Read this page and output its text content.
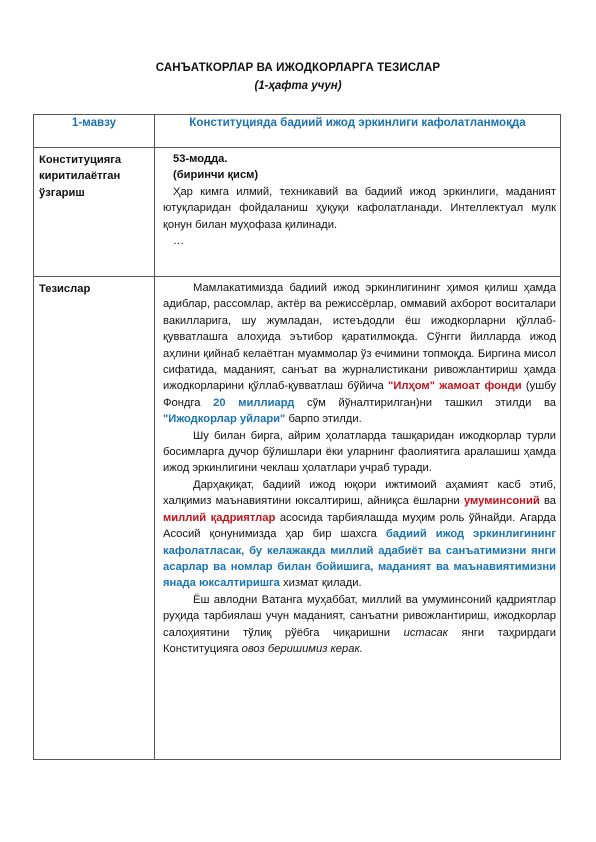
САНЪАТКОРЛАР ВА ИЖОДКОРЛАРГА ТЕЗИСЛАР
(1-ҳафта учун)
1-мавзу	Конституцияда бадиий ижод эркинлиги кафолатланмоқда
Конституцияга киритилаётган ўзгариш	53-модда.
(биринчи қисм)
Ҳар кимга илмий, техникавий ва бадиий ижод эркинлиги, маданият ютуқларидан фойдаланиш ҳуқуқи кафолатланади. Интеллектуал мулк қонун билан муҳофаза қилинади.
…

Тезислар	Мамлакатимизда бадиий ижод эркинлигининг ҳимоя қилиш ҳамда адиблар, рассомлар, актёр ва режиссёрлар, оммавий ахборот воситалари вакилларига, шу жумладан, истеъдодли ёш ижодкорларни қўллаб-қувватлашга алоҳида эътибор қаратилмоқда. Сўнгги йилларда ижод аҳлини қийнаб келаётган муаммолар ўз ечимини топмоқда. Биргина мисол сифатида, маданият, санъат ва журналистикани ривожлантириш ҳамда ижодкорларини қўллаб-қувватлаш бўйича "Илҳом" жамоат фонди (ушбу Фондга 20 миллиард сўм йўналтирилган)ни ташкил этилди ва "Ижодкорлар уйлари" барпо этилди.

Шу билан бирга, айрим ҳолатларда ташқаридан ижодкорлар турли босимларга дучор бўлишлари ёки уларнинг фаолиятига аралашиш ҳамда ижод эркинлигини чеклаш ҳолатлари учраб туради.

Дарҳақиқат, бадиий ижод юқори ижтимоий аҳамият касб этиб, халқимиз маънавиятини юксалтириш, айниқса ёшларни умуминсоний ва миллий қадриятлар асосида тарбиялашда муҳим роль ўйнайди. Агарда Асосий қонунимизда ҳар бир шахсга бадиий ижод эркинлигининг кафолатласак, бу келажакда миллий адабиёт ва санъатимизни янги асарлар ва номлар билан бойишига, маданият ва маънавиятимизни янада юксалтиришга хизмат қилади.

Ёш авлодни Ватанга муҳаббат, миллий ва умуминсоний қадриятлар руҳида тарбиялаш учун маданият, санъатни ривожлантириш, ижодкорлар салоҳиятини тўлиқ рўёбга чиқаришни истасак янги таҳрирдаги Конституцияга овоз беришимиз керак.
